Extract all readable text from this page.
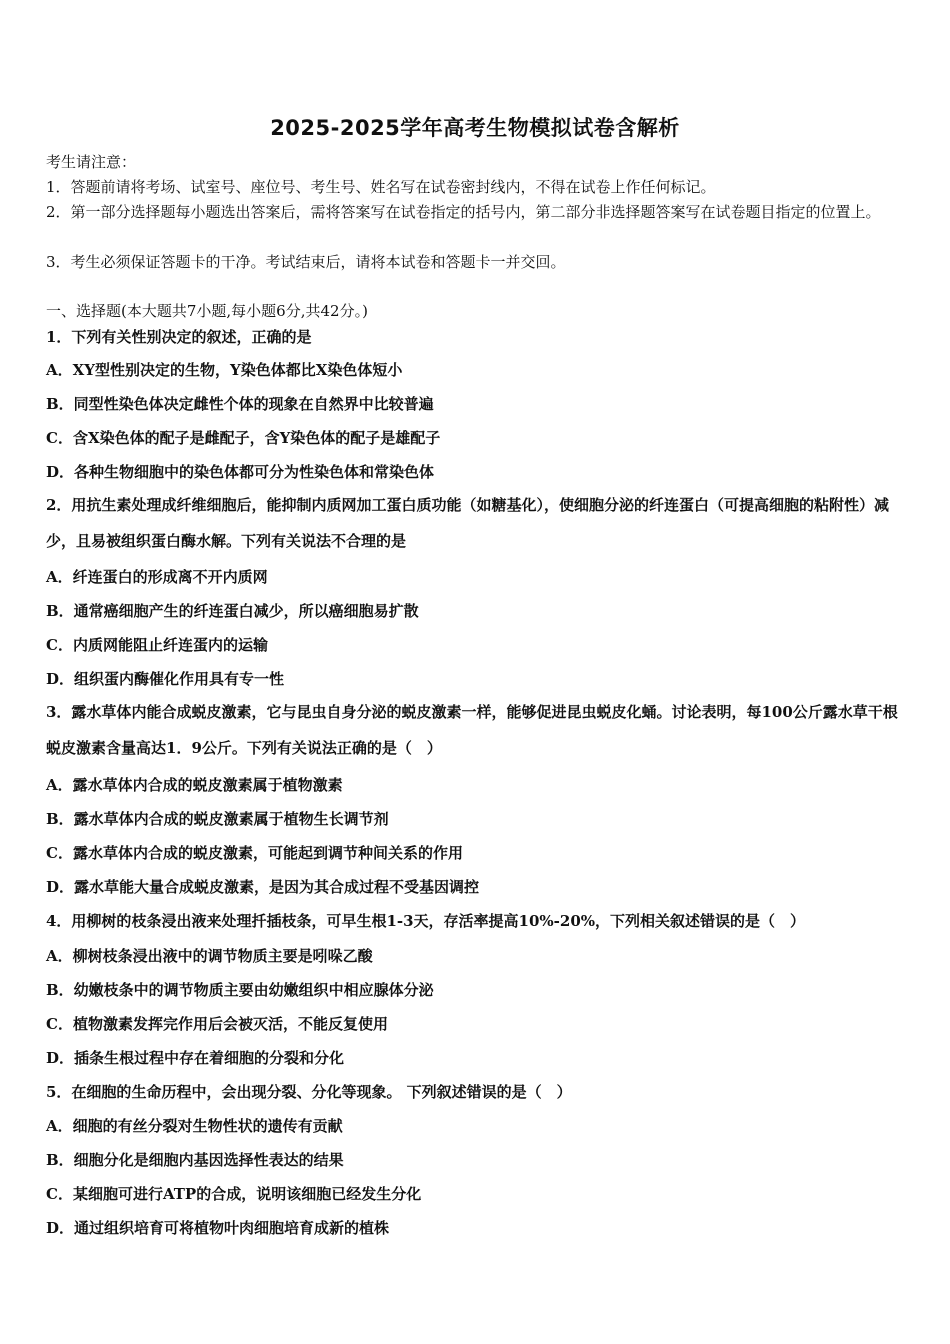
2025-2025学年高考生物模拟试卷含解析
考生请注意：
1．答题前请将考场、试室号、座位号、考生号、姓名写在试卷密封线内，不得在试卷上作任何标记。
2．第一部分选择题每小题选出答案后，需将答案写在试卷指定的括号内，第二部分非选择题答案写在试卷题目指定的位置上。
3．考生必须保证答题卡的干净。考试结束后，请将本试卷和答题卡一并交回。
一、选择题(本大题共7小题,每小题6分,共42分。)
1．下列有关性别决定的叙述，正确的是
A．XY型性别决定的生物，Y染色体都比X染色体短小
B．同型性染色体决定雌性个体的现象在自然界中比较普遍
C．含X染色体的配子是雌配子，含Y染色体的配子是雄配子
D．各种生物细胞中的染色体都可分为性染色体和常染色体
2．用抗生素处理成纤维细胞后，能抑制内质网加工蛋白质功能（如糖基化），使细胞分泌的纤连蛋白（可提高细胞的粘附性）减少，且易被组织蛋白酶水解。下列有关说法不合理的是
A．纤连蛋白的形成离不开内质网
B．通常癌细胞产生的纤连蛋白减少，所以癌细胞易扩散
C．内质网能阻止纤连蛋内的运输
D．组织蛋内酶催化作用具有专一性
3．露水草体内能合成蜕皮激素，它与昆虫自身分泌的蜕皮激素一样，能够促进昆虫蜕皮化蛹。讨论表明，每100公斤露水草干根蜕皮激素含量高达1．9公斤。下列有关说法正确的是（　）
A．露水草体内合成的蜕皮激素属于植物激素
B．露水草体内合成的蜕皮激素属于植物生长调节剂
C．露水草体内合成的蜕皮激素，可能起到调节种间关系的作用
D．露水草能大量合成蜕皮激素，是因为其合成过程不受基因调控
4．用柳树的枝条浸出液来处理扦插枝条，可早生根1-3天，存活率提高10%-20%，下列相关叙述错误的是（　）
A．柳树枝条浸出液中的调节物质主要是吲哚乙酸
B．幼嫩枝条中的调节物质主要由幼嫩组织中相应腺体分泌
C．植物激素发挥完作用后会被灭活，不能反复使用
D．插条生根过程中存在着细胞的分裂和分化
5．在细胞的生命历程中，会出现分裂、分化等现象。 下列叙述错误的是（　）
A．细胞的有丝分裂对生物性状的遗传有贡献
B．细胞分化是细胞内基因选择性表达的结果
C．某细胞可进行ATP的合成，说明该细胞已经发生分化
D．通过组织培育可将植物叶肉细胞培育成新的植株
